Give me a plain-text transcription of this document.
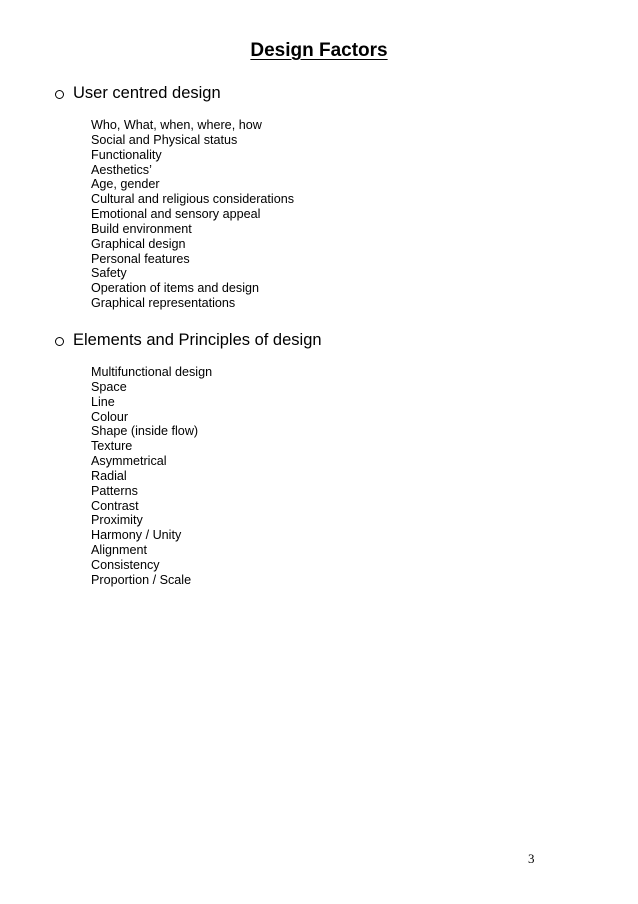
Design Factors

User centred design

Who, What, when, where, how
Social and Physical status
Functionality
Aesthetics’
Age, gender
Cultural and religious considerations
Emotional and sensory appeal
Build environment
Graphical design
Personal features
Safety
Operation of items and design
Graphical representations

Elements and Principles of design

Multifunctional design
Space
Line
Colour
Shape (inside flow)
Texture
Asymmetrical
Radial
Patterns
Contrast
Proximity
Harmony / Unity
Alignment
Consistency
Proportion / Scale

3
